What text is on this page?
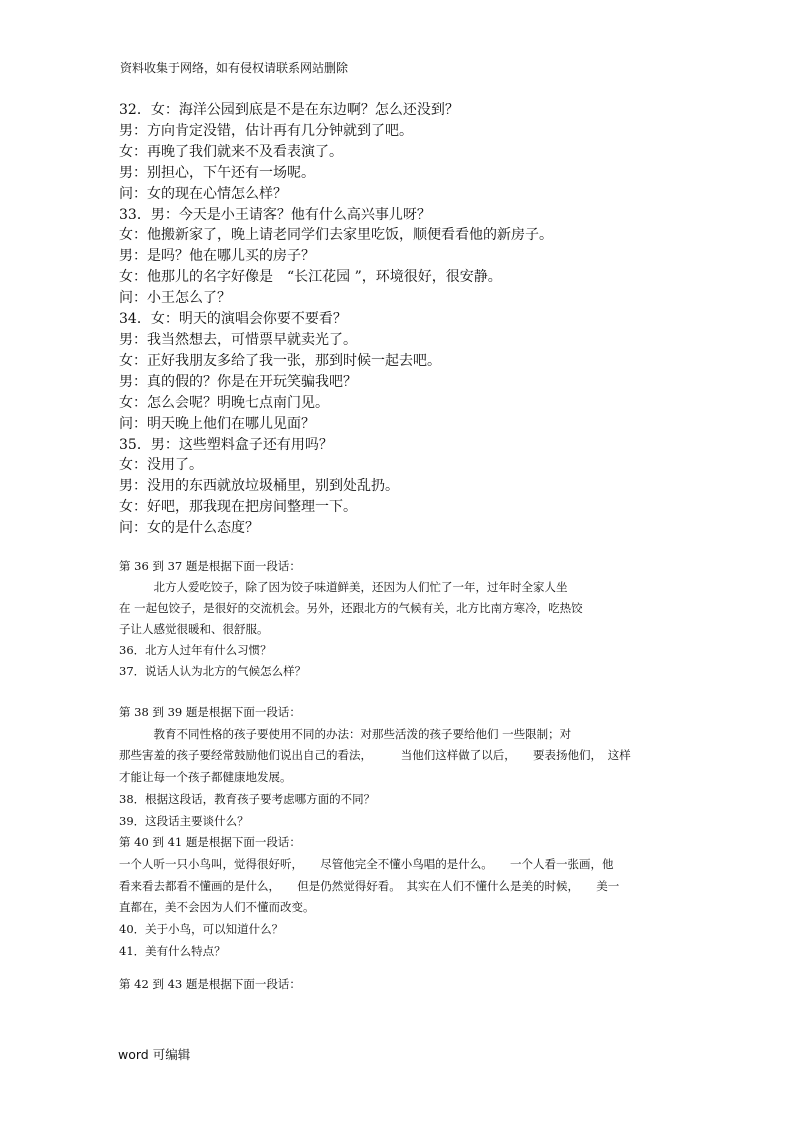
资料收集于网络，如有侵权请联系网站删除
32．女：海洋公园到底是不是在东边啊？怎么还没到？
男：方向肯定没错，估计再有几分钟就到了吧。
女：再晚了我们就来不及看表演了。
男：别担心，下午还有一场呢。
问：女的现在心情怎么样？
33．男：今天是小王请客？他有什么高兴事儿呀？
女：他搬新家了，晚上请老同学们去家里吃饭，顺便看看他的新房子。
男：是吗？他在哪儿买的房子？
女：他那儿的名字好像是　“长江花园 ”，环境很好，很安静。
问：小王怎么了？
34．女：明天的演唱会你要不要看？
男：我当然想去，可惜票早就卖光了。
女：正好我朋友多给了我一张，那到时候一起去吧。
男：真的假的？你是在开玩笑骗我吧？
女：怎么会呢？明晚七点南门见。
问：明天晚上他们在哪儿见面？
35．男：这些塑料盒子还有用吗？
女：没用了。
男：没用的东西就放垃圾桶里，别到处乱扔。
女：好吧，那我现在把房间整理一下。
问：女的是什么态度？
第 36 到 37 题是根据下面一段话：
　　　北方人爱吃饺子，除了因为饺子味道鲜美，还因为人们忙了一年，过年时全家人坐
在 一起包饺子，是很好的交流机会。另外，还跟北方的气候有关，北方比南方寒冷，吃热饺
子让人感觉很暖和、很舒服。
36．北方人过年有什么习惯？
37．说话人认为北方的气候怎么样？
第 38 到 39 题是根据下面一段话：
　　　教育不同性格的孩子要使用不同的办法：对那些活泼的孩子要给他们 一些限制；对
那些害羞的孩子要经常鼓励他们说出自己的看法，　　　当他们这样做了以后，　　要表扬他们，　这样
才能让每一个孩子都健康地发展。
38．根据这段话，教育孩子要考虑哪方面的不同？
39．这段话主要谈什么？
第 40 到 41 题是根据下面一段话：
一个人听一只小鸟叫，觉得很好听，　　尽管他完全不懂小鸟唱的是什么。　　一个人看一张画，他
看来看去都看不懂画的是什么，　　但是仍然觉得好看。　其实在人们不懂什么是美的时候，　　美一
直都在，美不会因为人们不懂而改变。
40．关于小鸟，可以知道什么？
41．美有什么特点？
第 42 到 43 题是根据下面一段话：
word 可编辑
